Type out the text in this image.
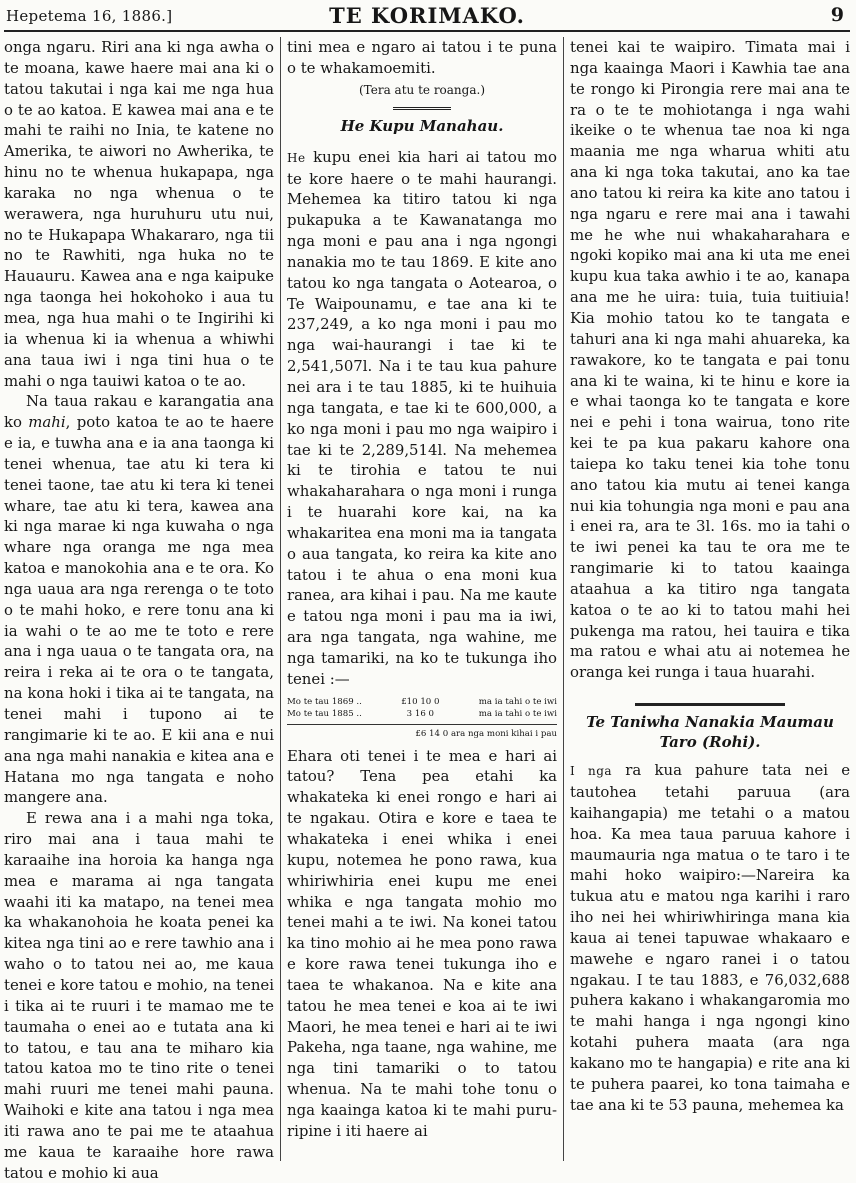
Hepetema 16, 1886.]	TE KORIMAKO.	9

onga ngaru. Riri ana ki nga awha o te moana, kawe haere mai ana ki o tatou takutai i nga kai me nga hua o te ao katoa. E kawea mai ana e te mahi te raihi no Inia, te katene no Amerika, te aiwori no Awherika, te hinu no te whenua hukapapa, nga karaka no nga whenua o te werawera, nga huruhuru utu nui, no te Hukapapa Whakararo, nga tii no te Rawhiti, nga huka no te Hauauru. Kawea ana e nga kaipuke nga taonga hei hokohoko i aua tu mea, nga hua mahi o te Ingirihi ki ia whenua ki ia whenua a whiwhi ana taua iwi i nga tini hua o te mahi o nga tauiwi katoa o te ao.

Na taua rakau e karangatia ana ko mahi, poto katoa te ao te haere e ia, e tuwha ana e ia ana taonga ki tenei whenua, tae atu ki tera ki tenei taone, tae atu ki tera ki tenei whare, tae atu ki tera, kawea ana ki nga marae ki nga kuwaha o nga whare nga oranga me nga mea katoa e manokohia ana e te ora. Ko nga uaua ara nga rerenga o te toto o te mahi hoko, e rere tonu ana ki ia wahi o te ao me te toto e rere ana i nga uaua o te tangata ora, na reira i reka ai te ora o te tangata, na kona hoki i tika ai te tangata, na tenei mahi i tupono ai te rangimarie ki te ao. E kii ana e nui ana nga mahi nanakia e kitea ana e Hatana mo nga tangata e noho mangere ana.

E rewa ana i a mahi nga toka, riro mai ana i taua mahi te karaaihe ina horoia ka hanga nga mea e marama ai nga tangata waahi iti ka matapo, na tenei mea ka whakanohoia he koata penei ka kitea nga tini ao e rere tawhio ana i waho o to tatou nei ao, me kaua tenei e kore tatou e mohio, na tenei i tika ai te ruuri i te mamao me te taumaha o enei ao e tutata ana ki to tatou, e tau ana te miharo kia tatou katoa mo te tino rite o tenei mahi ruuri me tenei mahi pauna. Waihoki e kite ana tatou i nga mea iti rawa ano te pai me te ataahua me kaua te karaaihe hore rawa tatou e mohio ki aua

tini mea e ngaro ai tatou i te puna o te whakamoemiti.

(Tera atu te roanga.)
He Kupu Manahau.

He kupu enei kia hari ai tatou mo te kore haere o te mahi haurangi. Mehemea ka titiro tatou ki nga pukapuka a te Kawanatanga mo nga moni e pau ana i nga ngongi nanakia mo te tau 1869. E kite ano tatou ko nga tangata o Aotearoa, o Te Waipounamu, e tae ana ki te 237,249, a ko nga moni i pau mo nga wai-haurangi i tae ki te 2,541,507l. Na i te tau kua pahure nei ara i te tau 1885, ki te huihuia nga tangata, e tae ki te 600,000, a ko nga moni i pau mo nga waipiro i tae ki te 2,289,514l. Na mehemea ki te tirohia e tatou te nui whakaharahara o nga moni i runga i te huarahi kore kai, na ka whakaritea ena moni ma ia tangata o aua tangata, ko reira ka kite ano tatou i te ahua o ena moni kua ranea, ara kihai i pau. Na me kaute e tatou nga moni i pau ma ia iwi, ara nga tangata, nga wahine, me nga tamariki, na ko te tukunga iho tenei :—

Mo te tau 1869 ..	£10 10 0	ma ia tahi o te iwi
Mo te tau 1885 ..	3 16 0	ma ia tahi o te iwi
£6 14 0 ara nga moni kihai i pau

Ehara oti tenei i te mea e hari ai tatou? Tena pea etahi ka whakateka ki enei rongo e hari ai te ngakau. Otira e kore e taea te whakateka i enei whika i enei kupu, notemea he pono rawa, kua whiriwhiria enei kupu me enei whika e nga tangata mohio mo tenei mahi a te iwi. Na konei tatou ka tino mohio ai he mea pono rawa e kore rawa tenei tukunga iho e taea te whakanoa. Na e kite ana tatou he mea tenei e koa ai te iwi Maori, he mea tenei e hari ai te iwi Pakeha, nga taane, nga wahine, me nga tini tamariki o to tatou whenua. Na te mahi tohe tonu o nga kaainga katoa ki te mahi puru-ripine i iti haere ai

tenei kai te waipiro. Timata mai i nga kaainga Maori i Kawhia tae ana te rongo ki Pirongia rere mai ana te ra o te te mohiotanga i nga wahi ikeike o te whenua tae noa ki nga maania me nga wharua whiti atu ana ki nga toka takutai, ano ka tae ano tatou ki reira ka kite ano tatou i nga ngaru e rere mai ana i tawahi me he whe nui whakaharahara e ngoki kopiko mai ana ki uta me enei kupu kua taka awhio i te ao, kanapa ana me he uira: tuia, tuia tuitiuia! Kia mohio tatou ko te tangata e tahuri ana ki nga mahi ahuareka, ka rawakore, ko te tangata e pai tonu ana ki te waina, ki te hinu e kore ia e whai taonga ko te tangata e kore nei e pehi i tona wairua, tono rite kei te pa kua pakaru kahore ona taiepa ko taku tenei kia tohe tonu ano tatou kia mutu ai tenei kanga nui kia tohungia nga moni e pau ana i enei ra, ara te 3l. 16s. mo ia tahi o te iwi penei ka tau te ora me te rangimarie ki to tatou kaainga ataahua a ka titiro nga tangata katoa o te ao ki to tatou mahi hei pukenga ma ratou, hei tauira e tika ma ratou e whai atu ai notemea he oranga kei runga i taua huarahi.

Te Taniwha Nanakia Maumau Taro (Rohi).

I nga ra kua pahure tata nei e tautohea tetahi paruua (ara kaihangapia) me tetahi o a matou hoa. Ka mea taua paruua kahore i maumauria nga matua o te taro i te mahi hoko waipiro:—Nareira ka tukua atu e matou nga karihi i raro iho nei hei whiriwhiringa mana kia kaua ai tenei tapuwae whakaaro e mawehe e ngaro ranei i o tatou ngakau. I te tau 1883, e 76,032,688 puhera kakano i whakangaromia mo te mahi hanga i nga ngongi kino kotahi puhera maata (ara nga kakano mo te hangapia) e rite ana ki te puhera paarei, ko tona taimaha e tae ana ki te 53 pauna, mehemea ka
